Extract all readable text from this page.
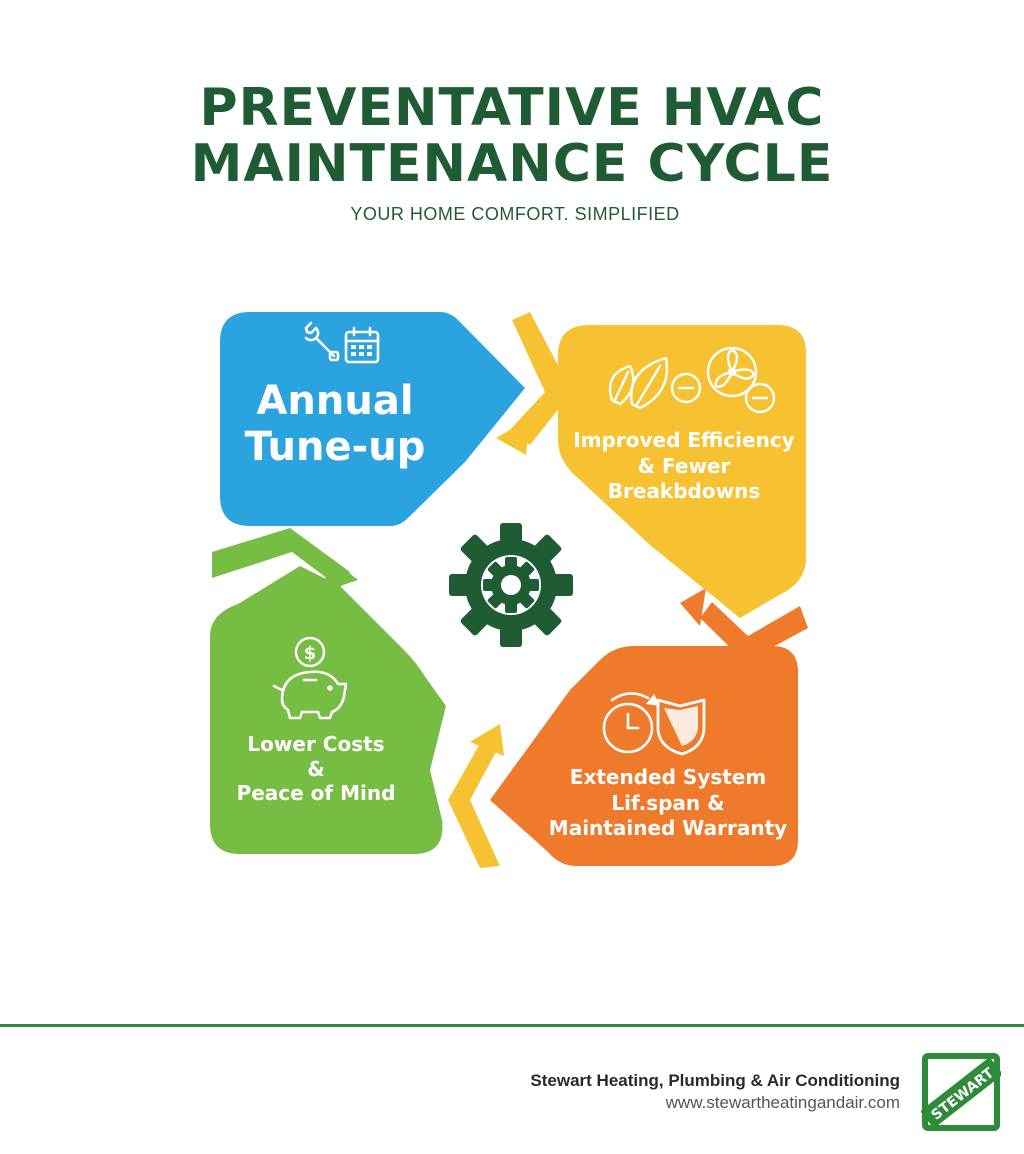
PREVENTATIVE HVAC
MAINTENANCE CYCLE
YOUR HOME COMFORT. SIMPLIFIED
Annual
Tune-up	Improved Efficiency
& Fewer
Breakbdowns
Extended System
Lif.span &
Maintained Warranty
$
Lower Costs
&
Peace of Mind
Stewart Heating, Plumbing & Air Conditioning
www.stewartheatingandair.com STEWART
